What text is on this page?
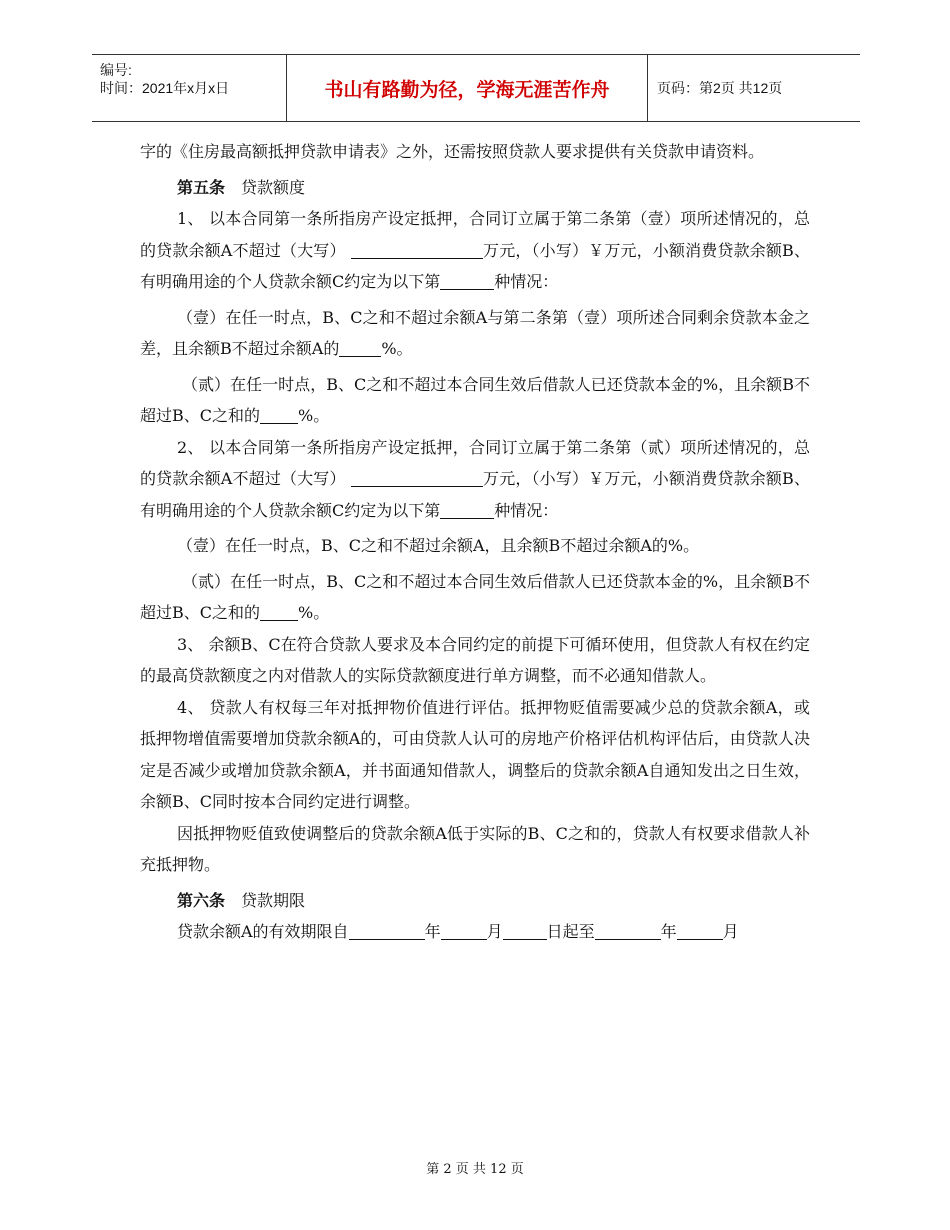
编号:
时间：2021年x月x日	书山有路勤为径，学海无涯苦作舟	页码：第2页 共12页

字的《住房最高额抵押贷款申请表》之外，还需按照贷款人要求提供有关贷款申请资料。

第五条 贷款额度

1、 以本合同第一条所指房产设定抵押，合同订立属于第二条第（壹）项所述情况的，总的贷款余额A不超过（大写）	万元，（小写）￥万元，小额消费贷款余额B、有明确用途的个人贷款余额C约定为以下第	种情况：

（壹）在任一时点，B、C之和不超过余额A与第二条第（壹）项所述合同剩余贷款本金之差，且余额B不超过余额A的	%。

（贰）在任一时点，B、C之和不超过本合同生效后借款人已还贷款本金的%，且余额B不超过B、C之和的 %。

2、 以本合同第一条所指房产设定抵押，合同订立属于第二条第（贰）项所述情况的，总的贷款余额A不超过（大写）	万元，（小写）￥万元，小额消费贷款余额B、有明确用途的个人贷款余额C约定为以下第	种情况：

（壹）在任一时点，B、C之和不超过余额A，且余额B不超过余额A的%。

（贰）在任一时点，B、C之和不超过本合同生效后借款人已还贷款本金的%，且余额B不超过B、C之和的 %。

3、 余额B、C在符合贷款人要求及本合同约定的前提下可循环使用，但贷款人有权在约定的最高贷款额度之内对借款人的实际贷款额度进行单方调整，而不必通知借款人。

4、 贷款人有权每三年对抵押物价值进行评估。抵押物贬值需要减少总的贷款余额A，或抵押物增值需要增加贷款余额A的，可由贷款人认可的房地产价格评估机构评估后，由贷款人决定是否减少或增加贷款余额A，并书面通知借款人，调整后的贷款余额A自通知发出之日生效，余额B、C同时按本合同约定进行调整。

因抵押物贬值致使调整后的贷款余额A低于实际的B、C之和的，贷款人有权要求借款人补充抵押物。

第六条 贷款期限

贷款余额A的有效期限自	年	月	日起至	年	月

第 2 页 共 12 页
